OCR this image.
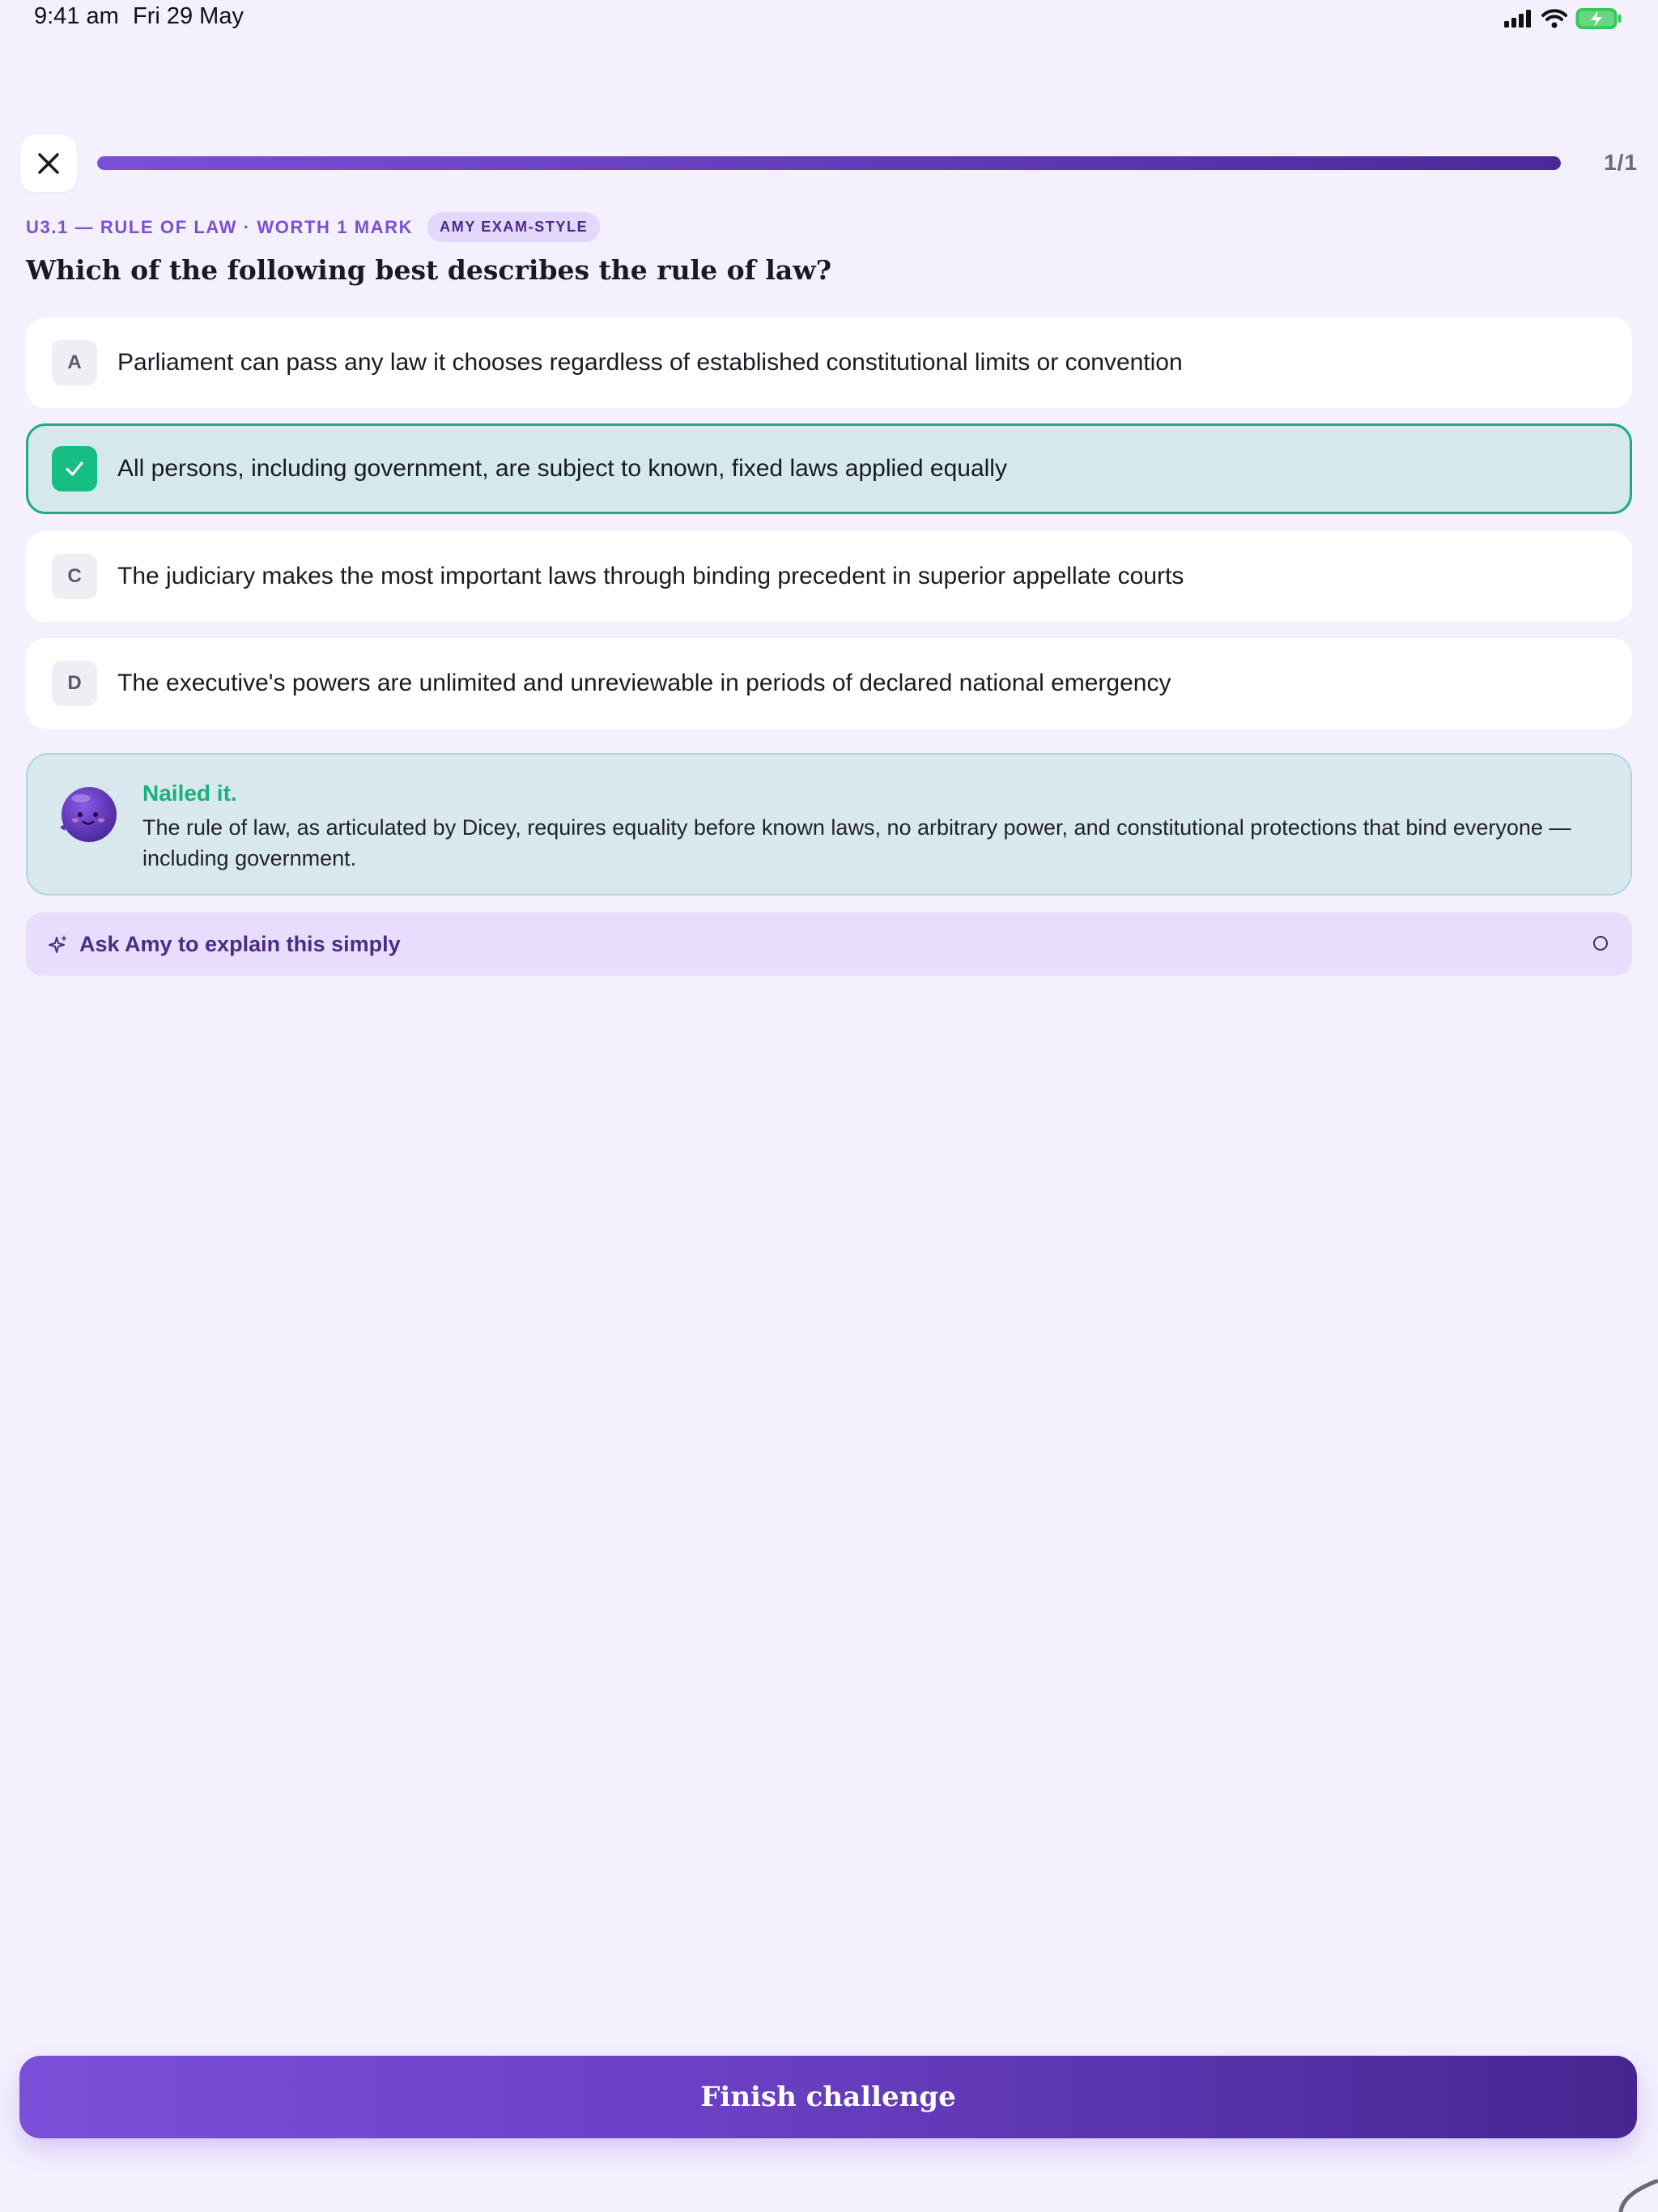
9:41 am Fri 29 May
1/1
U3.1 — RULE OF LAW · WORTH 1 MARK	AMY EXAM-STYLE
Which of the following best describes the rule of law?
A	Parliament can pass any law it chooses regardless of established constitutional limits or convention
All persons, including government, are subject to known, fixed laws applied equally
C	The judiciary makes the most important laws through binding precedent in superior appellate courts
D	The executive's powers are unlimited and unreviewable in periods of declared national emergency
Nailed it.
The rule of law, as articulated by Dicey, requires equality before known laws, no arbitrary power, and constitutional protections that bind everyone — including government.
Ask Amy to explain this simply
Finish challenge
